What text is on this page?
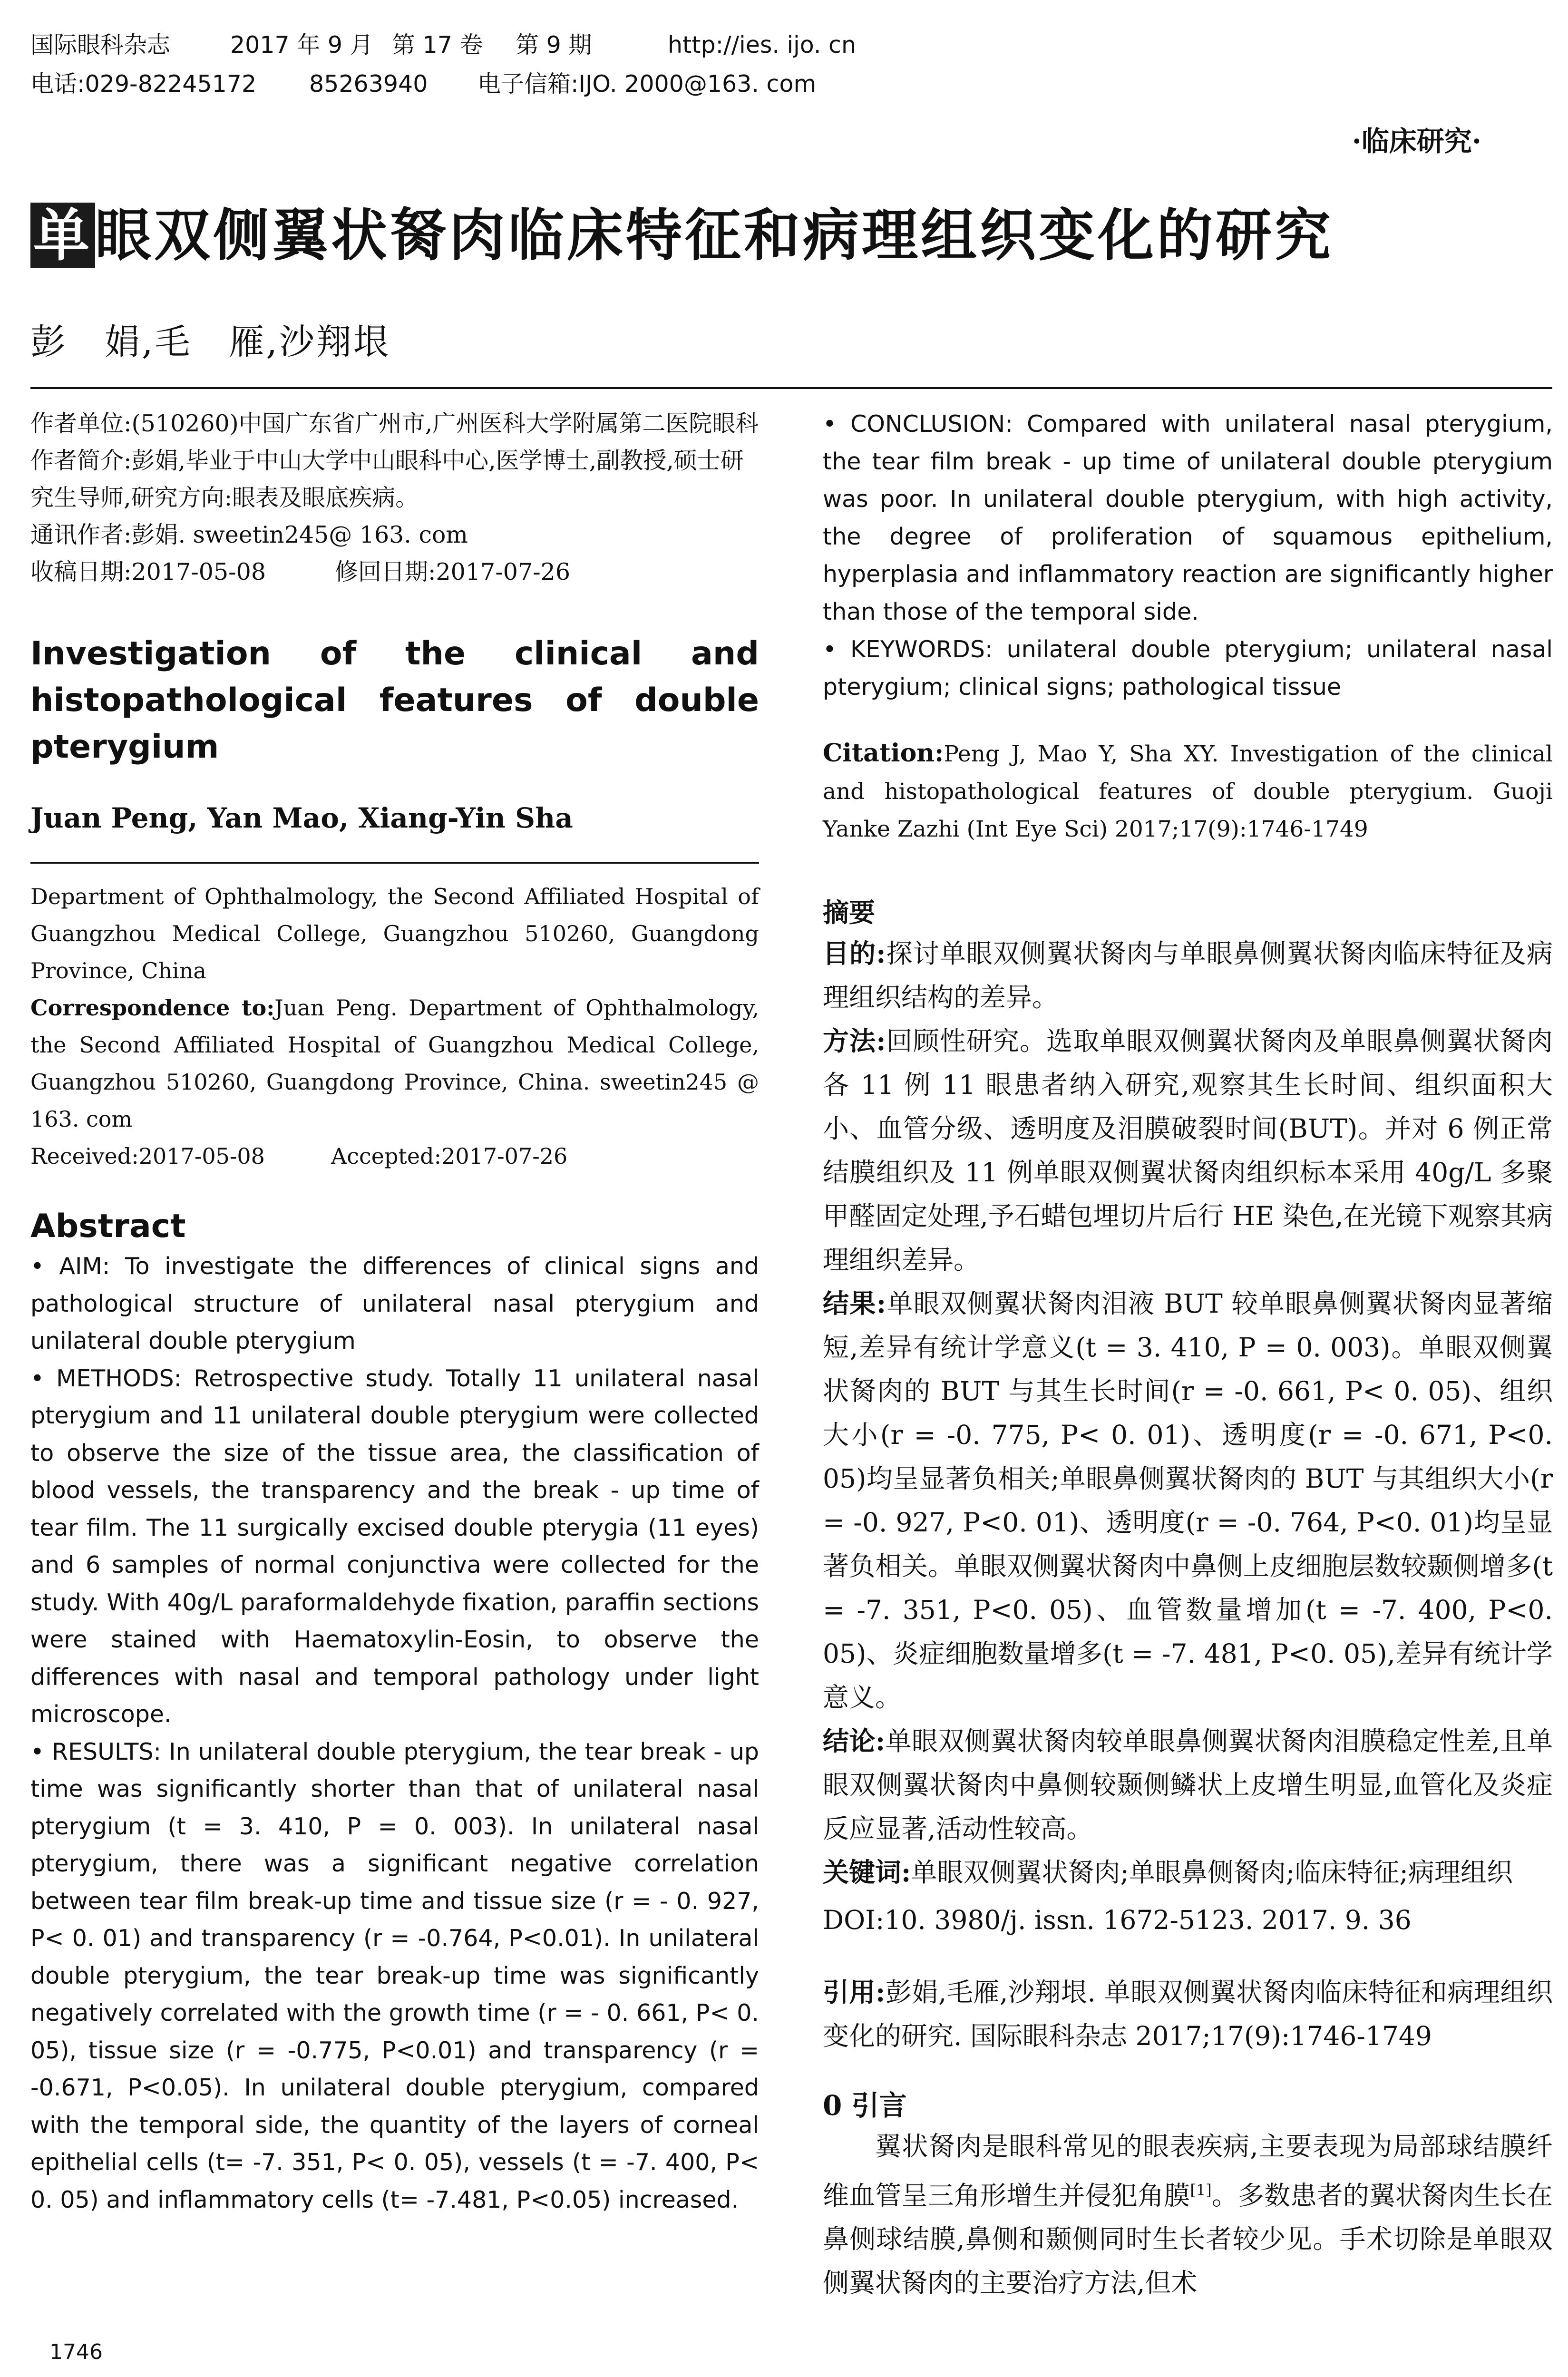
国际眼科杂志	2017 年 9 月 第 17 卷 第 9 期	http://ies. ijo. cn
电话:029-82245172 85263940 电子信箱:IJO. 2000@163. com
·临床研究·
单眼双侧翼状胬肉临床特征和病理组织变化的研究
彭　娟,毛　雁,沙翔垠
作者单位:(510260)中国广东省广州市,广州医科大学附属第二医院眼科
作者简介:彭娟,毕业于中山大学中山眼科中心,医学博士,副教授,硕士研究生导师,研究方向:眼表及眼底疾病。
通讯作者:彭娟. sweetin245@ 163. com
收稿日期:2017-05-08	修回日期:2017-07-26
Investigation of the clinical and histopathological features of double pterygium
Juan Peng, Yan Mao, Xiang-Yin Sha
Department of Ophthalmology, the Second Affiliated Hospital of Guangzhou Medical College, Guangzhou 510260, Guangdong Province, China
Correspondence to:Juan Peng. Department of Ophthalmology, the Second Affiliated Hospital of Guangzhou Medical College, Guangzhou 510260, Guangdong Province, China. sweetin245 @ 163. com
Received:2017-05-08	Accepted:2017-07-26
Abstract
• AIM: To investigate the differences of clinical signs and pathological structure of unilateral nasal pterygium and unilateral double pterygium
• METHODS: Retrospective study. Totally 11 unilateral nasal pterygium and 11 unilateral double pterygium were collected to observe the size of the tissue area, the classification of blood vessels, the transparency and the break - up time of tear film. The 11 surgically excised double pterygia (11 eyes) and 6 samples of normal conjunctiva were collected for the study. With 40g/L paraformaldehyde fixation, paraffin sections were stained with Haematoxylin-Eosin, to observe the differences with nasal and temporal pathology under light microscope.
• RESULTS: In unilateral double pterygium, the tear break - up time was significantly shorter than that of unilateral nasal pterygium (t = 3. 410, P = 0. 003). In unilateral nasal pterygium, there was a significant negative correlation between tear film break-up time and tissue size (r = - 0. 927, P< 0. 01) and transparency (r = -0.764, P<0.01). In unilateral double pterygium, the tear break-up time was significantly negatively correlated with the growth time (r = - 0. 661, P< 0. 05), tissue size (r = -0.775, P<0.01) and transparency (r = -0.671, P<0.05). In unilateral double pterygium, compared with the temporal side, the quantity of the layers of corneal epithelial cells (t= -7. 351, P< 0. 05), vessels (t = -7. 400, P< 0. 05) and inflammatory cells (t= -7.481, P<0.05) increased.
• CONCLUSION: Compared with unilateral nasal pterygium, the tear film break - up time of unilateral double pterygium was poor. In unilateral double pterygium, with high activity, the degree of proliferation of squamous epithelium, hyperplasia and inflammatory reaction are significantly higher than those of the temporal side.
• KEYWORDS: unilateral double pterygium; unilateral nasal pterygium; clinical signs; pathological tissue
Citation:Peng J, Mao Y, Sha XY. Investigation of the clinical and histopathological features of double pterygium. Guoji Yanke Zazhi (Int Eye Sci) 2017;17(9):1746-1749
摘要
目的:探讨单眼双侧翼状胬肉与单眼鼻侧翼状胬肉临床特征及病理组织结构的差异。
方法:回顾性研究。选取单眼双侧翼状胬肉及单眼鼻侧翼状胬肉各 11 例 11 眼患者纳入研究,观察其生长时间、组织面积大小、血管分级、透明度及泪膜破裂时间(BUT)。并对 6 例正常结膜组织及 11 例单眼双侧翼状胬肉组织标本采用 40g/L 多聚甲醛固定处理,予石蜡包埋切片后行 HE 染色,在光镜下观察其病理组织差异。
结果:单眼双侧翼状胬肉泪液 BUT 较单眼鼻侧翼状胬肉显著缩短,差异有统计学意义(t = 3. 410, P = 0. 003)。单眼双侧翼状胬肉的 BUT 与其生长时间(r = -0. 661, P< 0. 05)、组织大小(r = -0. 775, P< 0. 01)、透明度(r = -0. 671, P<0. 05)均呈显著负相关;单眼鼻侧翼状胬肉的 BUT 与其组织大小(r = -0. 927, P<0. 01)、透明度(r = -0. 764, P<0. 01)均呈显著负相关。单眼双侧翼状胬肉中鼻侧上皮细胞层数较颞侧增多(t = -7. 351, P<0. 05)、血管数量增加(t = -7. 400, P<0. 05)、炎症细胞数量增多(t = -7. 481, P<0. 05),差异有统计学意义。
结论:单眼双侧翼状胬肉较单眼鼻侧翼状胬肉泪膜稳定性差,且单眼双侧翼状胬肉中鼻侧较颞侧鳞状上皮增生明显,血管化及炎症反应显著,活动性较高。
关键词:单眼双侧翼状胬肉;单眼鼻侧胬肉;临床特征;病理组织
DOI:10. 3980/j. issn. 1672-5123. 2017. 9. 36
引用:彭娟,毛雁,沙翔垠. 单眼双侧翼状胬肉临床特征和病理组织变化的研究. 国际眼科杂志 2017;17(9):1746-1749
0 引言
翼状胬肉是眼科常见的眼表疾病,主要表现为局部球结膜纤维血管呈三角形增生并侵犯角膜[1]。多数患者的翼状胬肉生长在鼻侧球结膜,鼻侧和颞侧同时生长者较少见。手术切除是单眼双侧翼状胬肉的主要治疗方法,但术
1746
